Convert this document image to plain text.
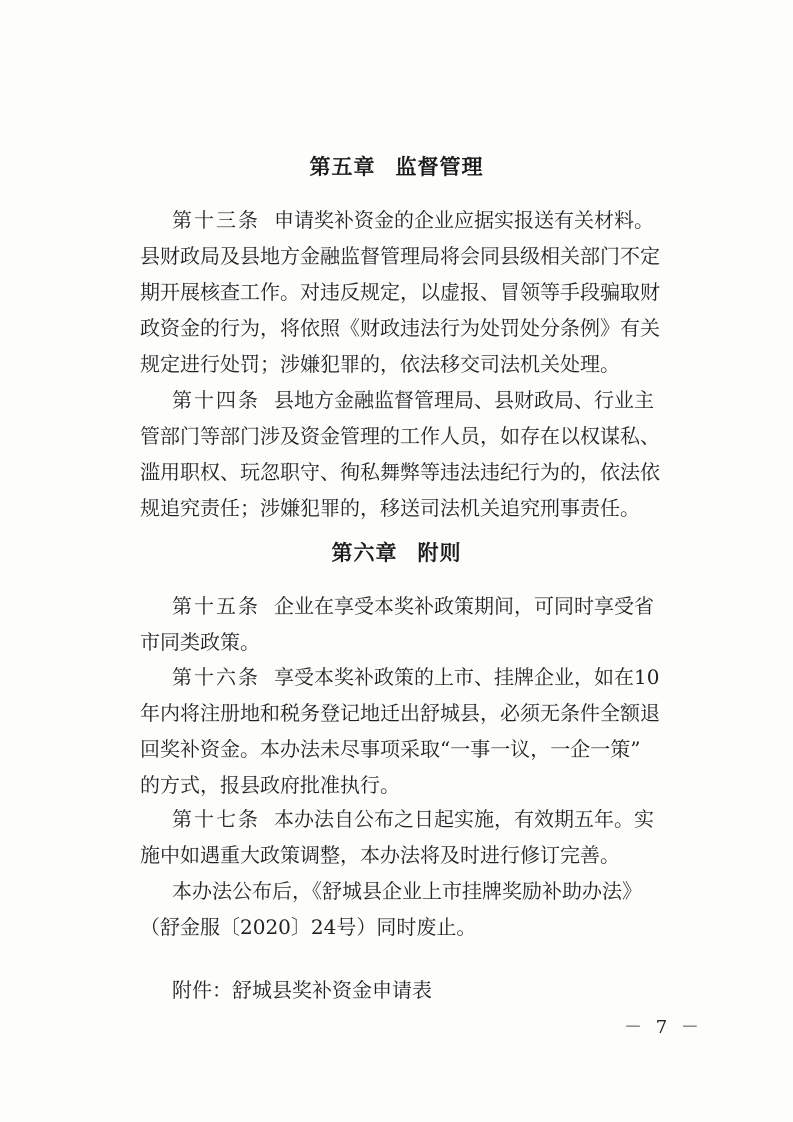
第五章 监督管理
第十三条 申请奖补资金的企业应据实报送有关材料。
县财政局及县地方金融监督管理局将会同县级相关部门不定
期开展核查工作。对违反规定，以虚报、冒领等手段骗取财
政资金的行为，将依照《财政违法行为处罚处分条例》有关
规定进行处罚；涉嫌犯罪的，依法移交司法机关处理。
第十四条 县地方金融监督管理局、县财政局、行业主
管部门等部门涉及资金管理的工作人员，如存在以权谋私、
滥用职权、玩忽职守、徇私舞弊等违法违纪行为的，依法依
规追究责任；涉嫌犯罪的，移送司法机关追究刑事责任。
第六章 附则
第十五条 企业在享受本奖补政策期间，可同时享受省
市同类政策。
第十六条 享受本奖补政策的上市、挂牌企业，如在10
年内将注册地和税务登记地迁出舒城县，必须无条件全额退
回奖补资金。本办法未尽事项采取“一事一议，一企一策”
的方式，报县政府批准执行。
第十七条 本办法自公布之日起实施，有效期五年。实
施中如遇重大政策调整，本办法将及时进行修订完善。
本办法公布后，《舒城县企业上市挂牌奖励补助办法》
（舒金服〔2020〕24号）同时废止。
附件：舒城县奖补资金申请表
－ 7 －
